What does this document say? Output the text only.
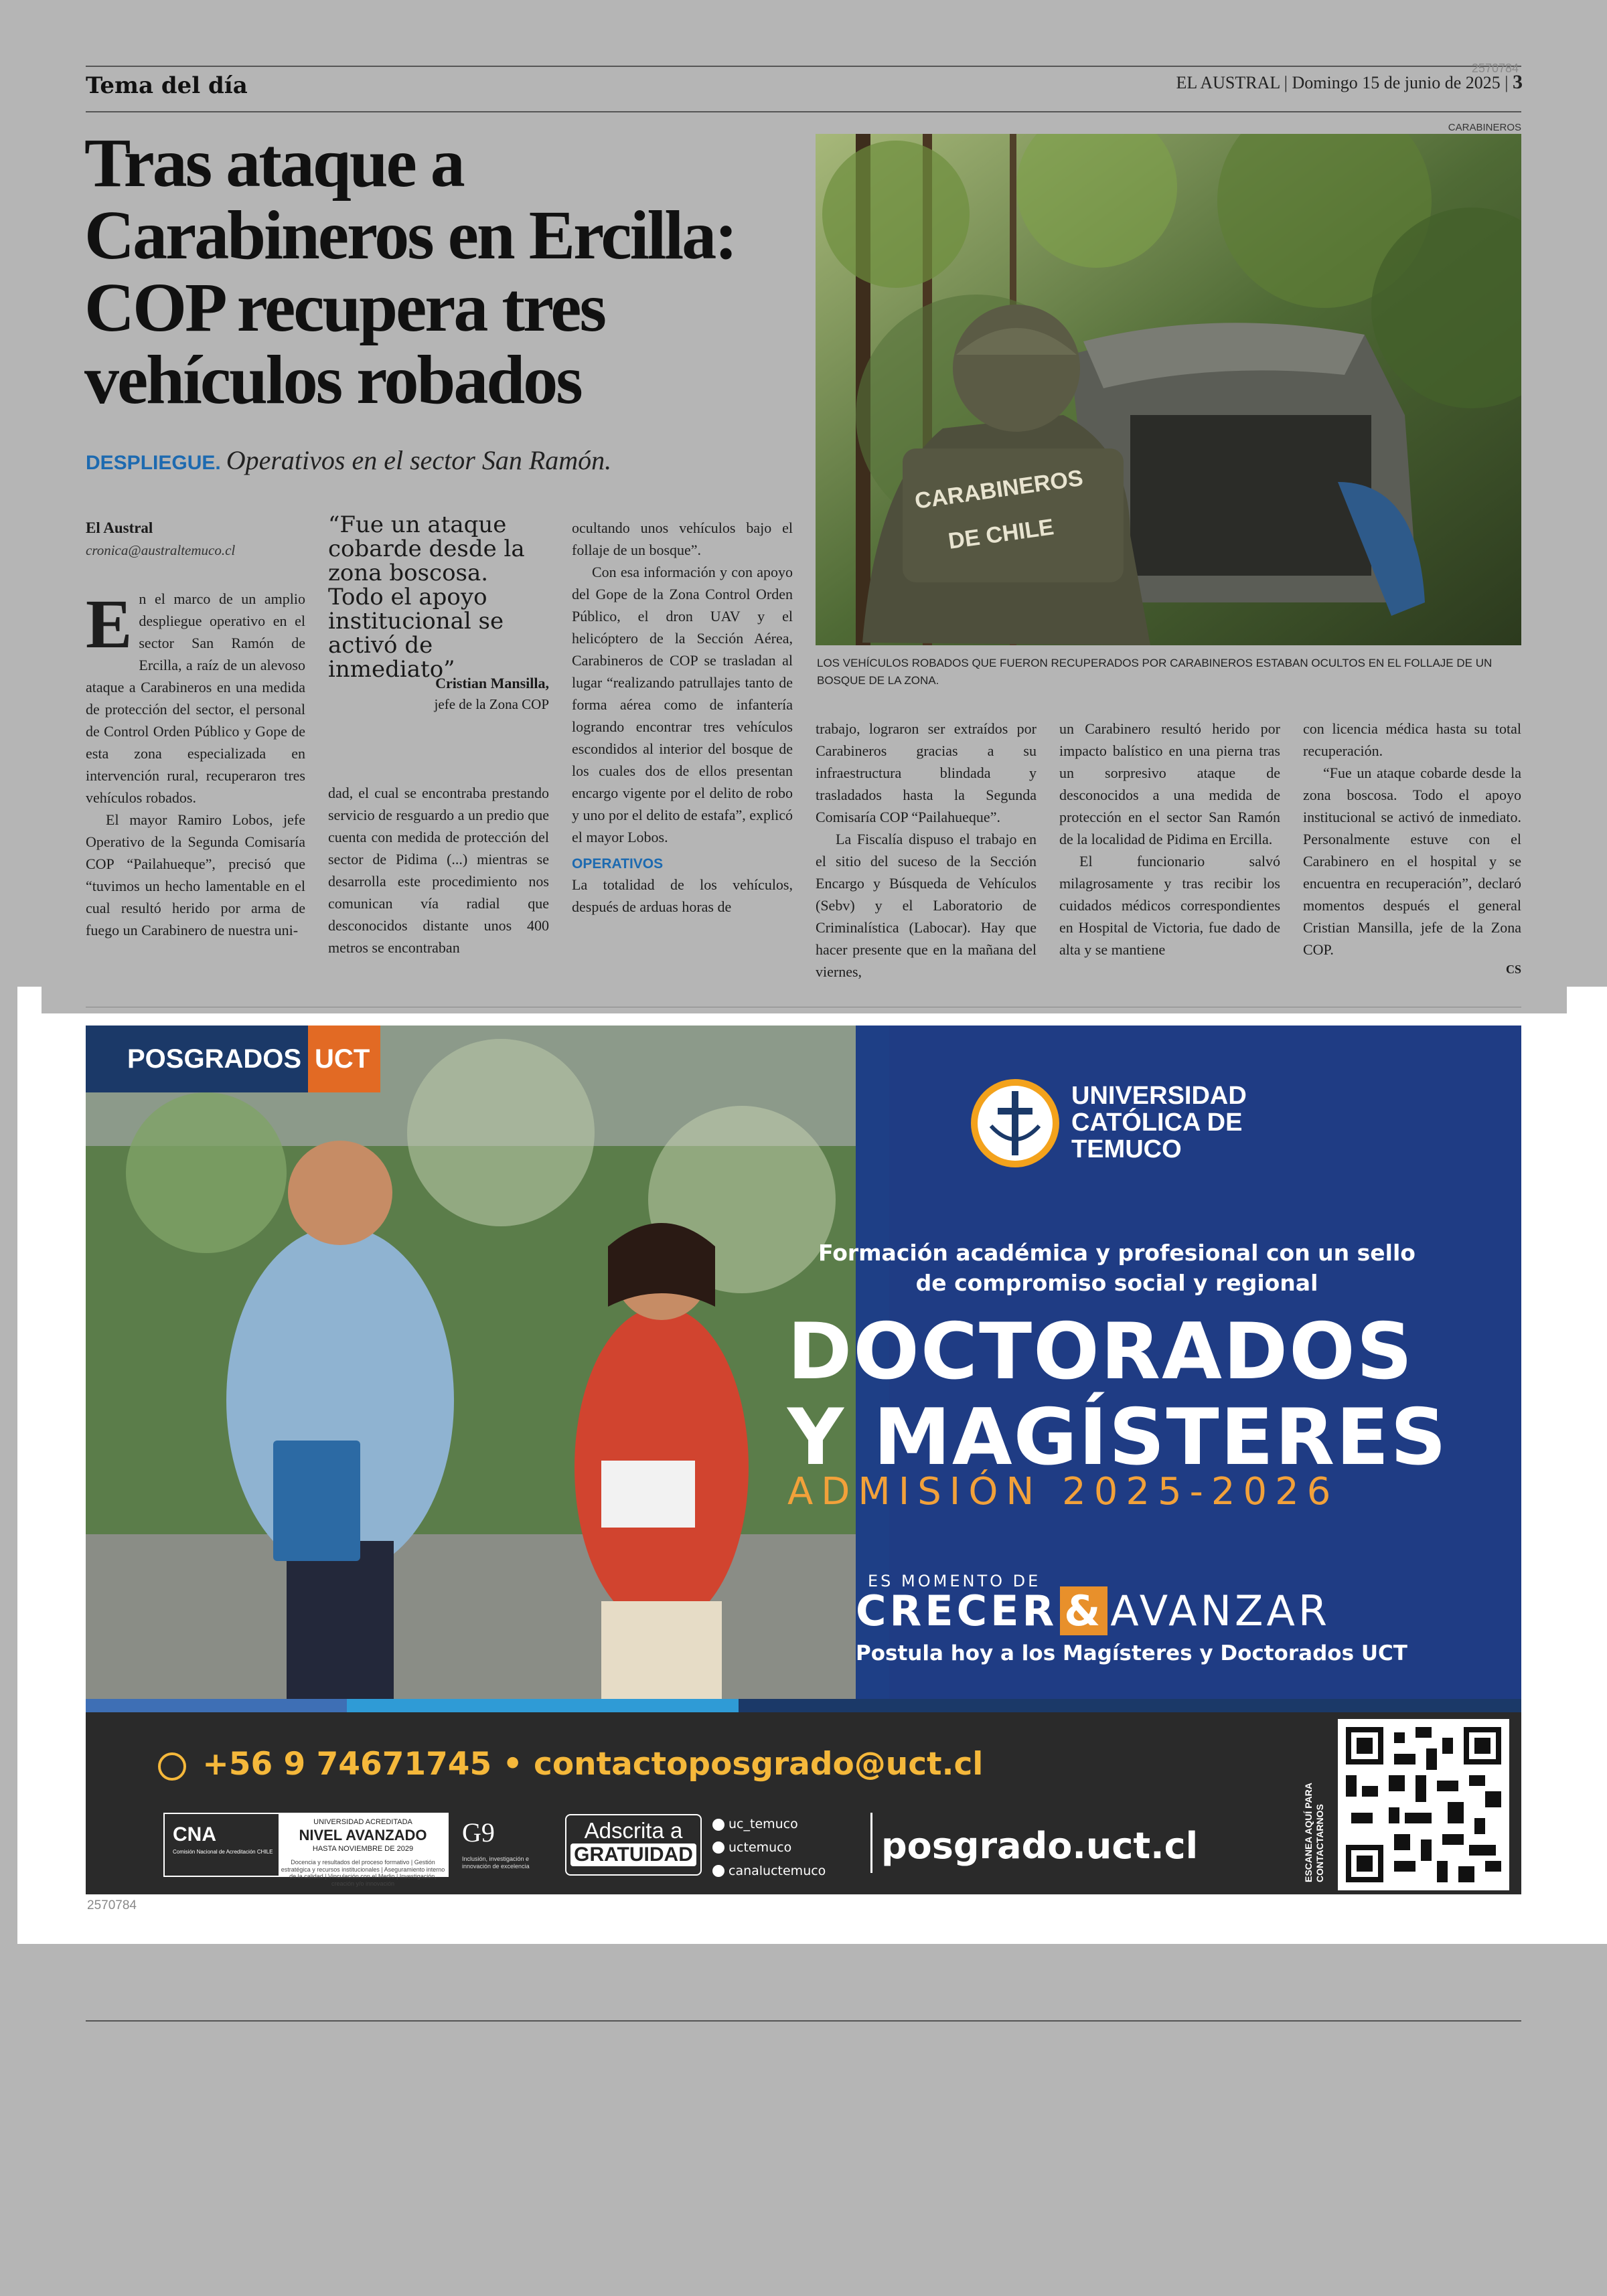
Tema del día
2570784
EL AUSTRAL | Domingo 15 de junio de 2025 | 3
Tras ataque a Carabineros en Ercilla: COP recupera tres vehículos robados
DESPLIEGUE. Operativos en el sector San Ramón.
CARABINEROS
CARABINEROS
DE CHILE
LOS VEHÍCULOS ROBADOS QUE FUERON RECUPERADOS POR CARABINEROS ESTABAN OCULTOS EN EL FOLLAJE DE UN BOSQUE DE LA ZONA.
El Austral
cronica@australtemuco.cl

En el marco de un amplio despliegue operativo en el sector San Ramón de Ercilla, a raíz de un alevoso ataque a Carabineros en una medida de protección del sector, el personal de Control Orden Público y Gope de esta zona especializada en intervención rural, recuperaron tres vehículos robados.

El mayor Ramiro Lobos, jefe Operativo de la Segunda Comisaría COP “Pailahueque”, precisó que “tuvimos un hecho lamentable en el cual resultó herido por arma de fuego un Carabinero de nuestra uni-

“Fue un ataque cobarde desde la zona boscosa. Todo el apoyo institucional se activó de inmediato”
Cristian Mansilla,
jefe de la Zona COP

dad, el cual se encontraba prestando servicio de resguardo a un predio que cuenta con medida de protección del sector de Pidima (...) mientras se desarrolla este procedimiento nos comunican vía radial que desconocidos distante unos 400 metros se encontraban

ocultando unos vehículos bajo el follaje de un bosque”.

Con esa información y con apoyo del Gope de la Zona Control Orden Público, el dron UAV y el helicóptero de la Sección Aérea, Carabineros de COP se trasladan al lugar “realizando patrullajes tanto de forma aérea como de infantería logrando encontrar tres vehículos escondidos al interior del bosque de los cuales dos de ellos presentan encargo vigente por el delito de robo y uno por el delito de estafa”, explicó el mayor Lobos.

OPERATIVOS

La totalidad de los vehículos, después de arduas horas de

trabajo, lograron ser extraídos por Carabineros gracias a su infraestructura blindada y trasladados hasta la Segunda Comisaría COP “Pailahueque”.

La Fiscalía dispuso el trabajo en el sitio del suceso de la Sección Encargo y Búsqueda de Vehículos (Sebv) y el Laboratorio de Criminalística (Labocar). Hay que hacer presente que en la mañana del viernes,

un Carabinero resultó herido por impacto balístico en una pierna tras un sorpresivo ataque de desconocidos a una medida de protección en el sector San Ramón de la localidad de Pidima en Ercilla.

El funcionario salvó milagrosamente y tras recibir los cuidados médicos correspondientes en Hospital de Victoria, fue dado de alta y se mantiene

con licencia médica hasta su total recuperación.

“Fue un ataque cobarde desde la zona boscosa. Todo el apoyo institucional se activó de inmediato. Personalmente estuve con el Carabinero en el hospital y se encuentra en recuperación”, declaró momentos después el general Cristian Mansilla, jefe de la Zona COP.

CS

POSGRADOS UCT
UNIVERSIDAD
CATÓLICA DE
TEMUCO
Formación académica y profesional con un sello de compromiso social y regional
DOCTORADOS
Y MAGÍSTERES
ADMISIÓN 2025-2026
ES MOMENTO DE
CRECER & AVANZAR
Postula hoy a los Magísteres y Doctorados UCT
+56 9 74671745 • contactoposgrado@uct.cl
CNA
Comisión Nacional de Acreditación CHILE
UNIVERSIDAD ACREDITADA
NIVEL AVANZADO
HASTA NOVIEMBRE DE 2029
Docencia y resultados del proceso formativo | Gestión estratégica y recursos institucionales | Aseguramiento interno de la calidad | Vinculación con el Medio | Investigación, creación y/o innovación
G9
Inclusión, investigación e innovación de excelencia
Adscrita a
GRATUIDAD
uc_temuco
uctemuco
canaluctemuco
posgrado.uct.cl	ESCANEA AQUÍ PARA CONTACTARNOS
2570784
